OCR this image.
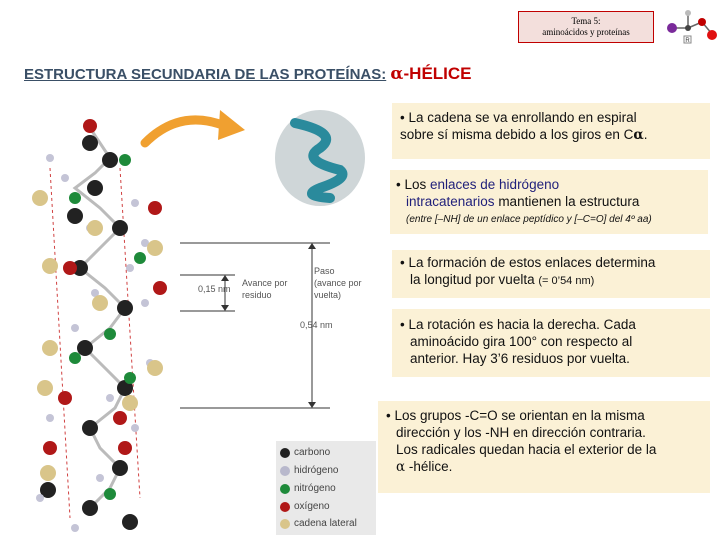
Tema 5:
aminoácidos y proteínas
R
ESTRUCTURA SECUNDARIA DE LAS PROTEÍNAS: α-HÉLICE
• La cadena se va enrollando en espiral
sobre sí misma debido a los giros en Cα.
• Los enlaces de hidrógeno

intracatenarios mantienen la estructura
(entre [–NH] de un enlace peptídico y [–C=O] del 4º aa)
• La formación de estos enlaces determina

la longitud por vuelta (= 0’54 nm)
• La rotación es hacia la derecha. Cada
aminoácido gira 100° con respecto al
anterior. Hay 3’6 residuos por vuelta.
• Los grupos -C=O se orientan en la misma
dirección y los -NH en dirección contraria.
Los radicales quedan hacia el exterior de la
α -hélice.
0,15 nm
Avance por
residuo
0,54 nm
Paso
(avance por
vuelta)
carbono
hidrógeno
nitrógeno
oxígeno
cadena lateral
